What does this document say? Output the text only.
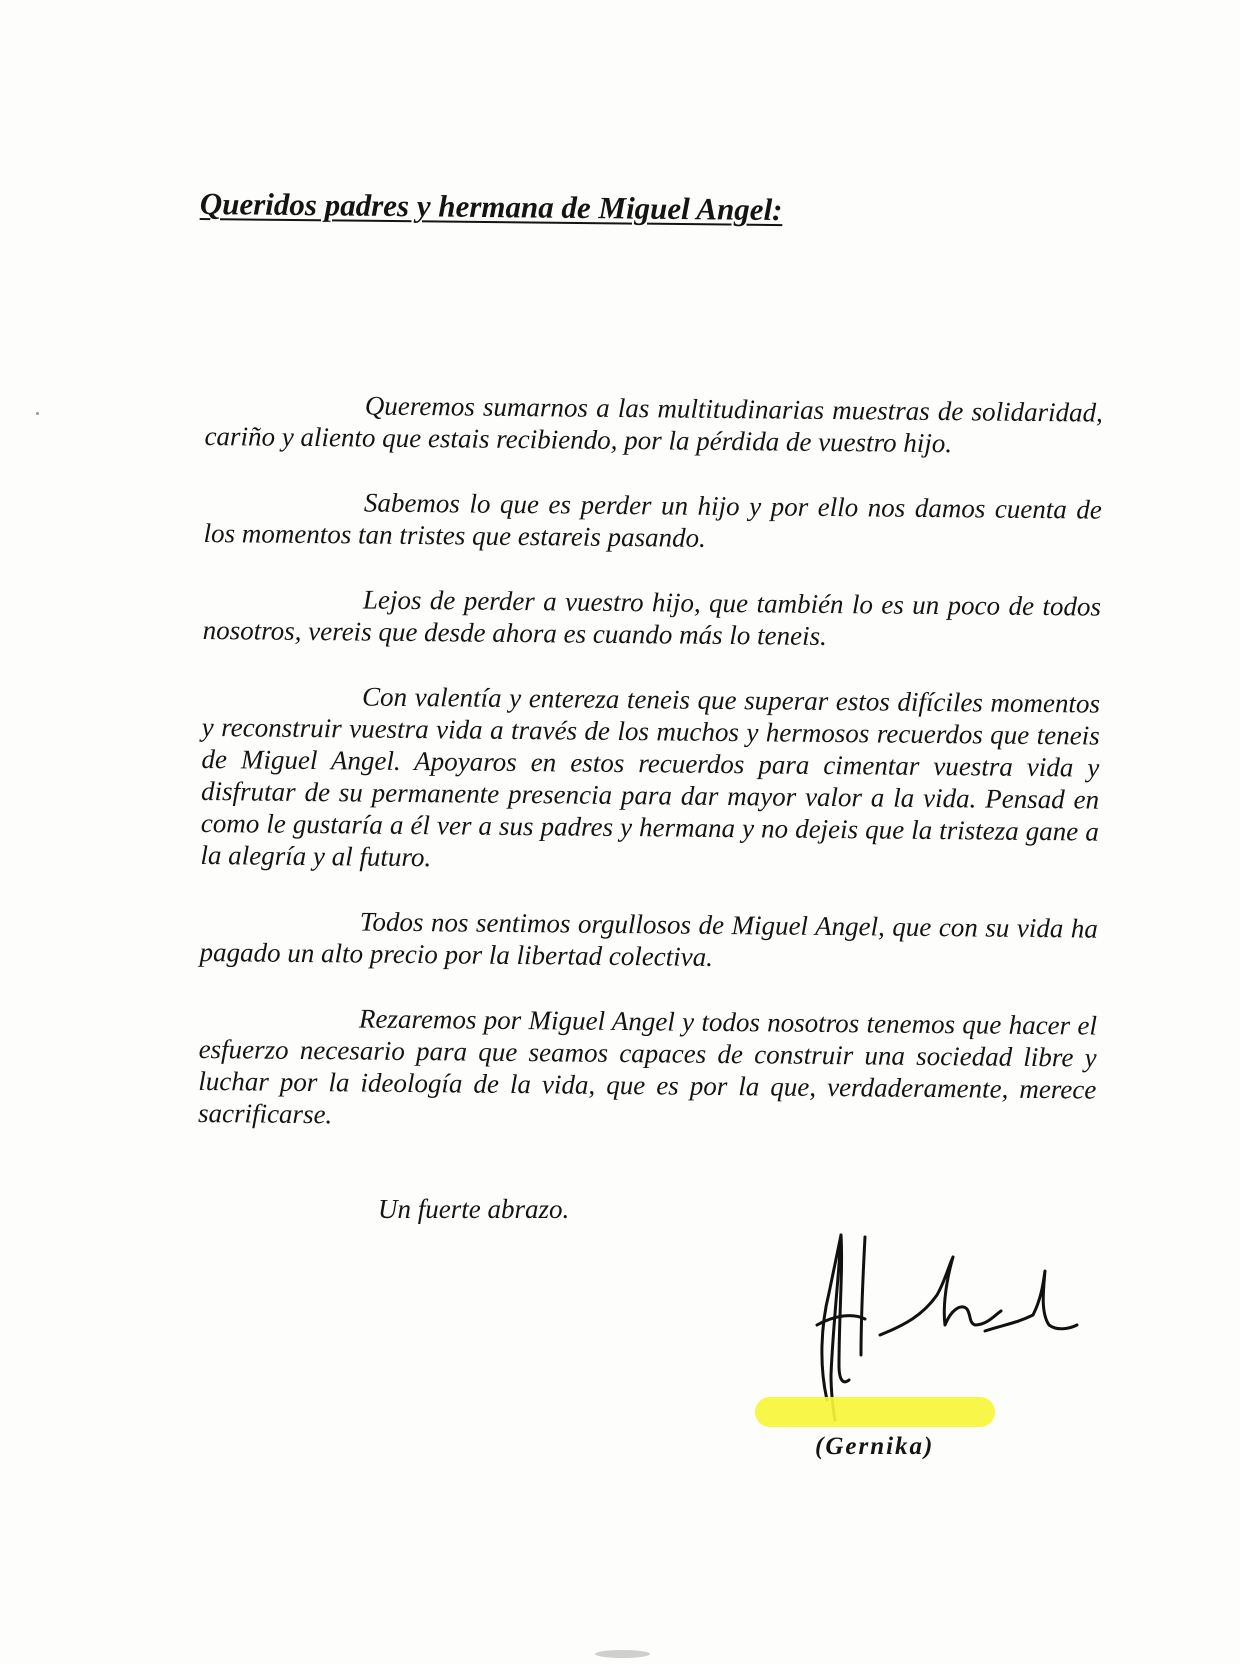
Queridos padres y hermana de Miguel Angel:

Queremos sumarnos a las multitudinarias muestras de solidaridad, cariño y aliento que estais recibiendo, por la pérdida de vuestro hijo.

Sabemos lo que es perder un hijo y por ello nos damos cuenta de los momentos tan tristes que estareis pasando.

Lejos de perder a vuestro hijo, que también lo es un poco de todos nosotros, vereis que desde ahora es cuando más lo teneis.

Con valentía y entereza teneis que superar estos difíciles momentos y reconstruir vuestra vida a través de los muchos y hermosos recuerdos que teneis de Miguel Angel. Apoyaros en estos recuerdos para cimentar vuestra vida y disfrutar de su permanente presencia para dar mayor valor a la vida. Pensad en como le gustaría a él ver a sus padres y hermana y no dejeis que la tristeza gane a la alegría y al futuro.

Todos nos sentimos orgullosos de Miguel Angel, que con su vida ha pagado un alto precio por la libertad colectiva.

Rezaremos por Miguel Angel y todos nosotros tenemos que hacer el esfuerzo necesario para que seamos capaces de construir una sociedad libre y luchar por la ideología de la vida, que es por la que, verdaderamente, merece sacrificarse.

Un fuerte abrazo.
(Gernika)
